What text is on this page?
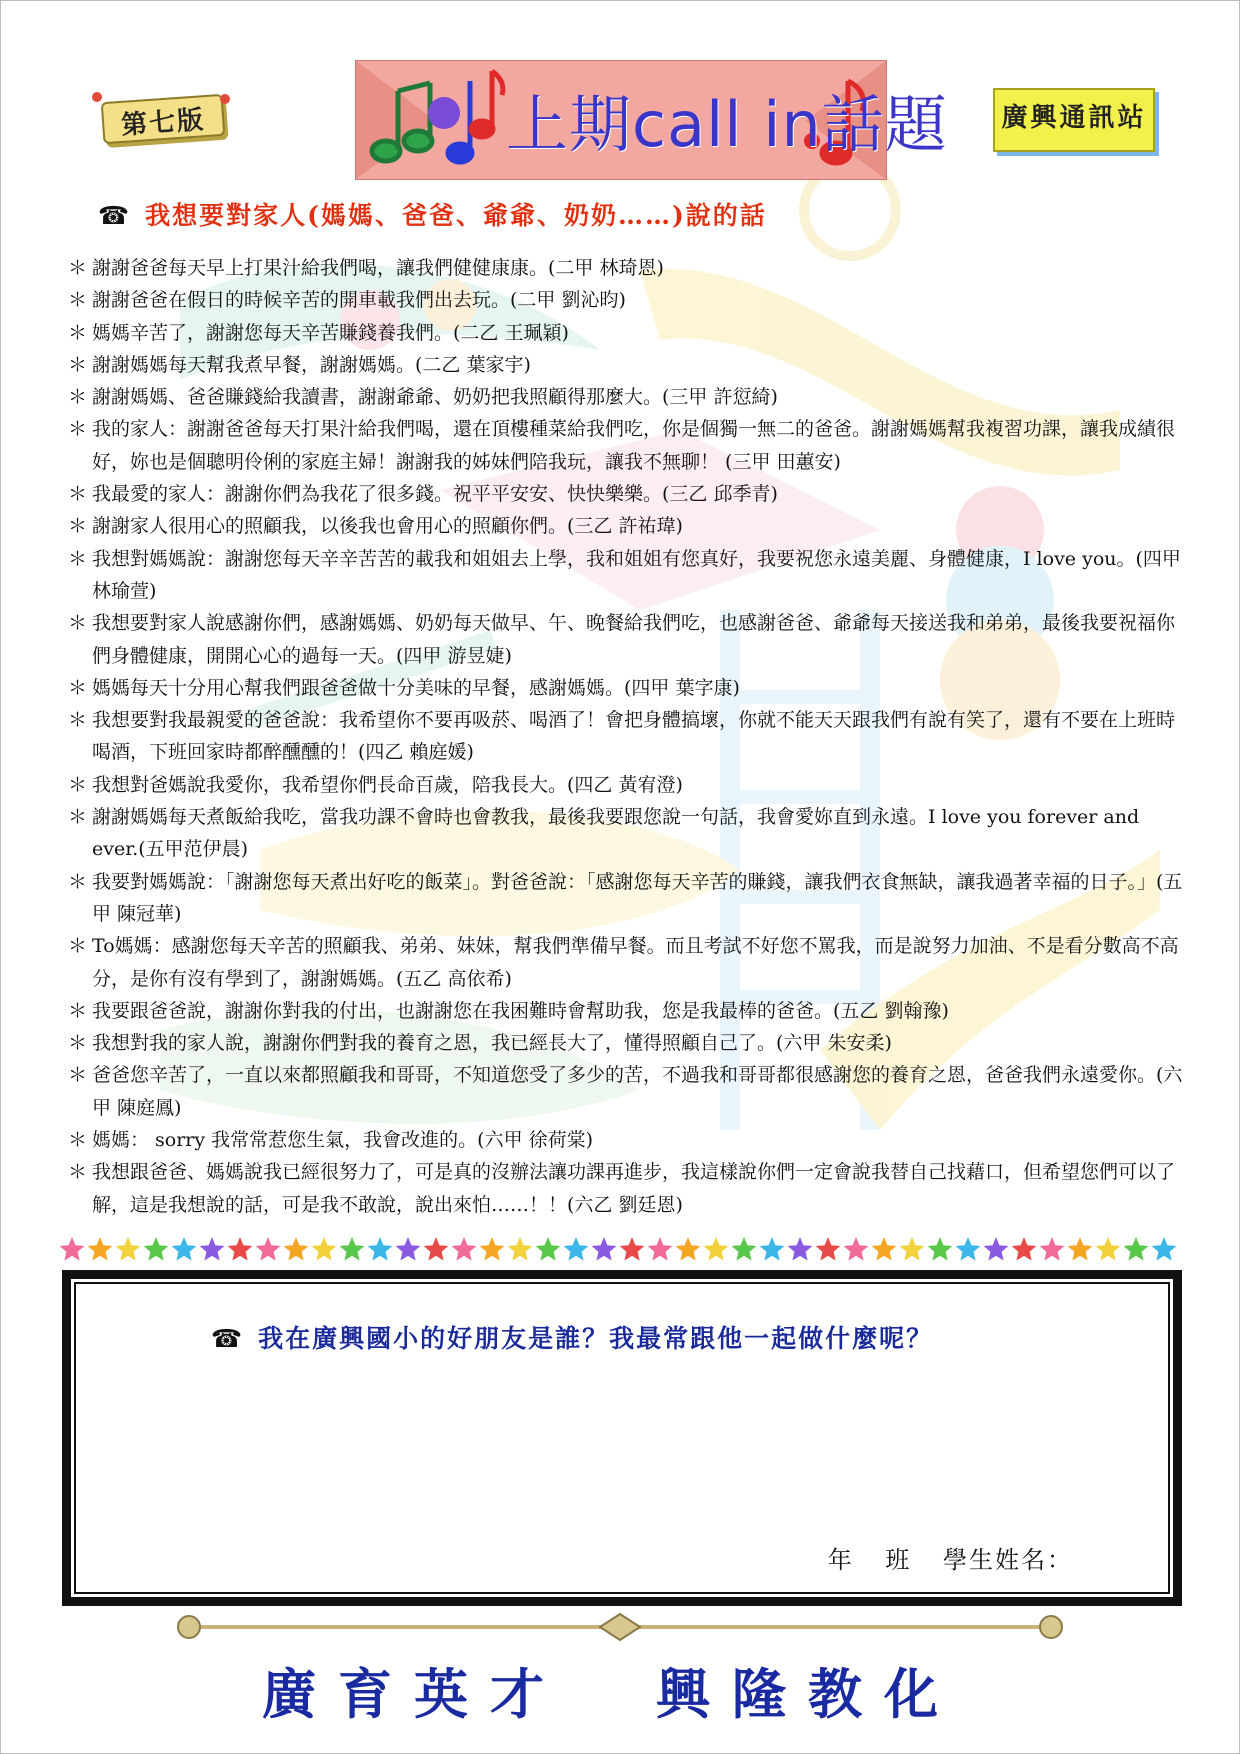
第七版	上期call in話題 廣興通訊站
☎ 我想要對家人(媽媽、爸爸、爺爺、奶奶……)說的話
＊ 謝謝爸爸每天早上打果汁給我們喝，讓我們健健康康。(二甲 林琦恩)
＊ 謝謝爸爸在假日的時候辛苦的開車載我們出去玩。(二甲 劉沁昀)
＊ 媽媽辛苦了，謝謝您每天辛苦賺錢養我們。(二乙 王珮穎)
＊ 謝謝媽媽每天幫我煮早餐，謝謝媽媽。(二乙 葉家宇)
＊ 謝謝媽媽、爸爸賺錢給我讀書，謝謝爺爺、奶奶把我照顧得那麼大。(三甲 許愆綺)
＊ 我的家人：謝謝爸爸每天打果汁給我們喝，還在頂樓種菜給我們吃，你是個獨一無二的爸爸。謝謝媽媽幫我複習功課，讓我成績很好，妳也是個聰明伶俐的家庭主婦！謝謝我的姊妹們陪我玩，讓我不無聊！ (三甲 田蕙安)
＊ 我最愛的家人：謝謝你們為我花了很多錢。祝平平安安、快快樂樂。(三乙 邱季青)
＊ 謝謝家人很用心的照顧我，以後我也會用心的照顧你們。(三乙 許祐瑋)
＊ 我想對媽媽說：謝謝您每天辛辛苦苦的載我和姐姐去上學，我和姐姐有您真好，我要祝您永遠美麗、身體健康，I love you。(四甲 林瑜萱)
＊ 我想要對家人說感謝你們，感謝媽媽、奶奶每天做早、午、晚餐給我們吃，也感謝爸爸、爺爺每天接送我和弟弟，最後我要祝福你們身體健康，開開心心的過每一天。(四甲 游昱婕)
＊ 媽媽每天十分用心幫我們跟爸爸做十分美味的早餐，感謝媽媽。(四甲 葉字康)
＊ 我想要對我最親愛的爸爸說：我希望你不要再吸菸、喝酒了！會把身體搞壞，你就不能天天跟我們有說有笑了，還有不要在上班時喝酒，下班回家時都醉醺醺的！(四乙 賴庭媛)
＊ 我想對爸媽說我愛你，我希望你們長命百歲，陪我長大。(四乙 黃宥澄)
＊ 謝謝媽媽每天煮飯給我吃，當我功課不會時也會教我，最後我要跟您說一句話，我會愛妳直到永遠。I love you forever and ever.(五甲范伊晨)
＊ 我要對媽媽說：「謝謝您每天煮出好吃的飯菜」。對爸爸說：「感謝您每天辛苦的賺錢，讓我們衣食無缺，讓我過著幸福的日子。」(五甲 陳冠華)
＊ To媽媽：感謝您每天辛苦的照顧我、弟弟、妹妹，幫我們準備早餐。而且考試不好您不罵我，而是說努力加油、不是看分數高不高分，是你有沒有學到了，謝謝媽媽。(五乙 高依希)
＊ 我要跟爸爸說，謝謝你對我的付出，也謝謝您在我困難時會幫助我，您是我最棒的爸爸。(五乙 劉翰豫)
＊ 我想對我的家人說，謝謝你們對我的養育之恩，我已經長大了，懂得照顧自己了。(六甲 朱安柔)
＊ 爸爸您辛苦了，一直以來都照顧我和哥哥，不知道您受了多少的苦，不過我和哥哥都很感謝您的養育之恩，爸爸我們永遠愛你。(六甲 陳庭鳳)
＊ 媽媽： sorry 我常常惹您生氣，我會改進的。(六甲 徐荷棠)
＊ 我想跟爸爸、媽媽說我已經很努力了，可是真的沒辦法讓功課再進步，我這樣說你們一定會說我替自己找藉口，但希望您們可以了解，這是我想說的話，可是我不敢說，說出來怕……！！(六乙 劉廷恩)
☎ 我在廣興國小的好朋友是誰？我最常跟他一起做什麼呢？
年 班 學生姓名：
廣育英才 興隆教化
